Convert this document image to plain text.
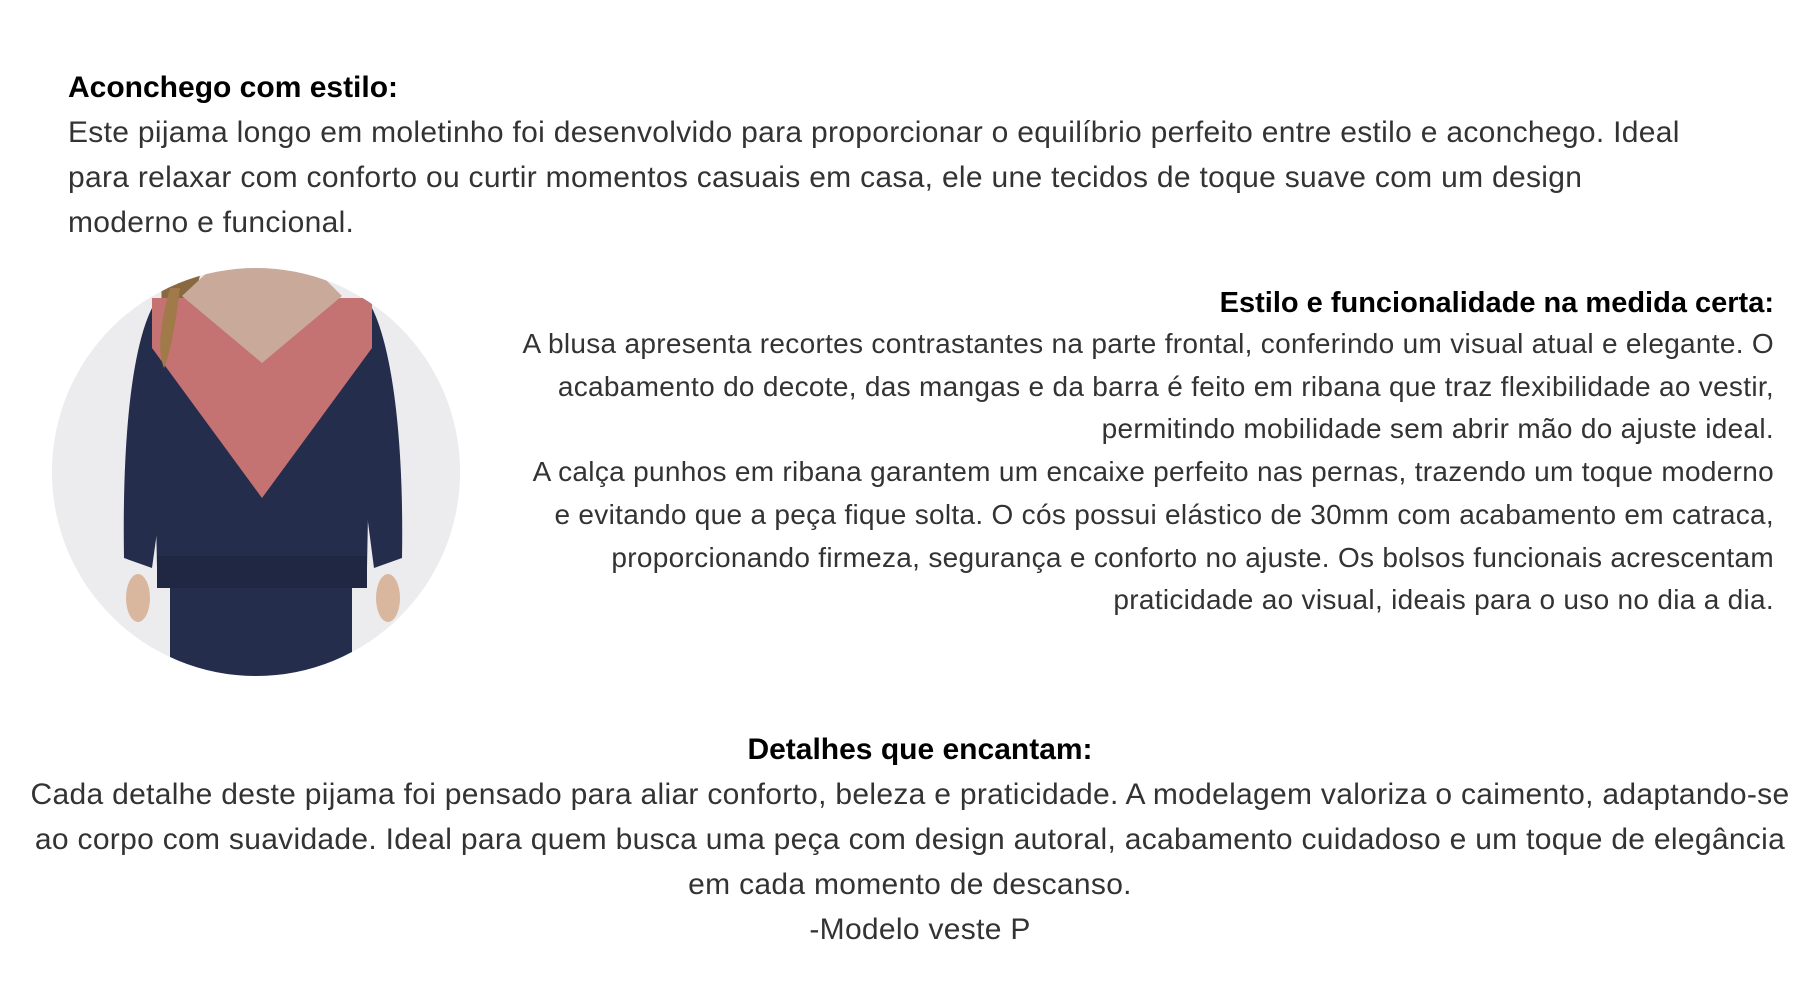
Aconchego com estilo:
Este pijama longo em moletinho foi desenvolvido para proporcionar o equilíbrio perfeito entre estilo e aconchego. Ideal para relaxar com conforto ou curtir momentos casuais em casa, ele une tecidos de toque suave com um design moderno e funcional.
Estilo e funcionalidade na medida certa:
A blusa apresenta recortes contrastantes na parte frontal, conferindo um visual atual e elegante. O acabamento do decote, das mangas e da barra é feito em ribana que traz flexibilidade ao vestir, permitindo mobilidade sem abrir mão do ajuste ideal.
A calça punhos em ribana garantem um encaixe perfeito nas pernas, trazendo um toque moderno e evitando que a peça fique solta. O cós possui elástico de 30mm com acabamento em catraca, proporcionando firmeza, segurança e conforto no ajuste. Os bolsos funcionais acrescentam praticidade ao visual, ideais para o uso no dia a dia.
Detalhes que encantam:
Cada detalhe deste pijama foi pensado para aliar conforto, beleza e praticidade. A modelagem valoriza o caimento, adaptando-se ao corpo com suavidade. Ideal para quem busca uma peça com design autoral, acabamento cuidadoso e um toque de elegância em cada momento de descanso.
-Modelo veste P
